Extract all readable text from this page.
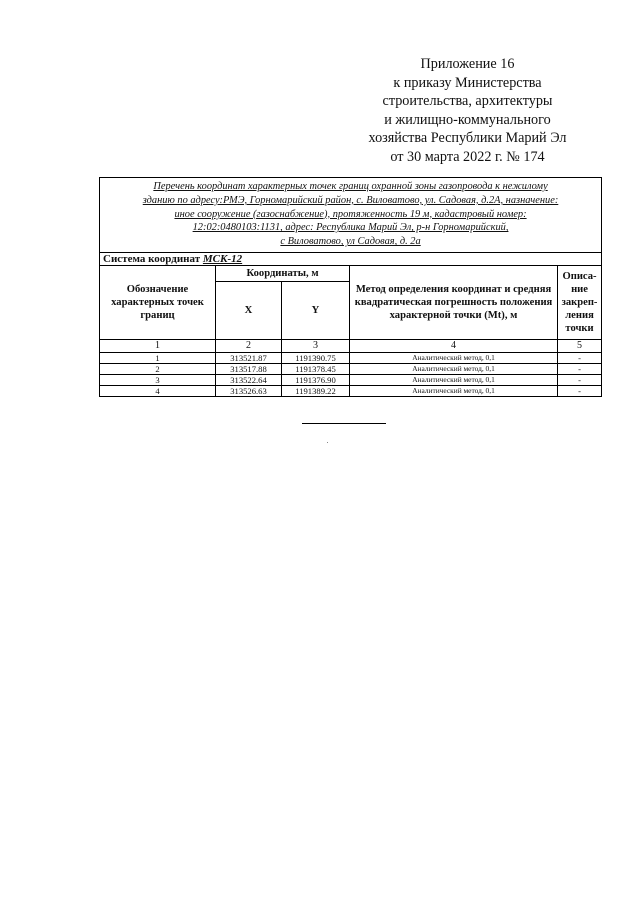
Приложение 16
к приказу Министерства
строительства, архитектуры
и жилищно-коммунального
хозяйства Республики Марий Эл
от 30 марта 2022 г. № 174
Перечень координат характерных точек границ охранной зоны газопровода к нежилому
зданию по адресу:РМЭ, Горномарийский район, с. Виловатово, ул. Садовая, д.2А, назначение:
иное сооружение (газоснабжение), протяженность 19 м, кадастровый номер:
12:02:0480103:1131, адрес: Республика Марий Эл, р-н Горномарийский,
с Виловатово, ул Садовая, д. 2а				

Система координат МСК-12				
Обозначение характерных точек границ	Координаты, м		Метод определения координат и средняя квадратическая погрешность положения характерной точки (Mt), м	Описа-ние закреп-ления точки
	X	Y		
1	2	3	4	5
1	313521.87	1191390.75	Аналитический метод, 0,1	-
2	313517.88	1191378.45	Аналитический метод, 0,1	-
3	313522.64	1191376.90	Аналитический метод, 0,1	-
4	313526.63	1191389.22	Аналитический метод, 0,1	-
